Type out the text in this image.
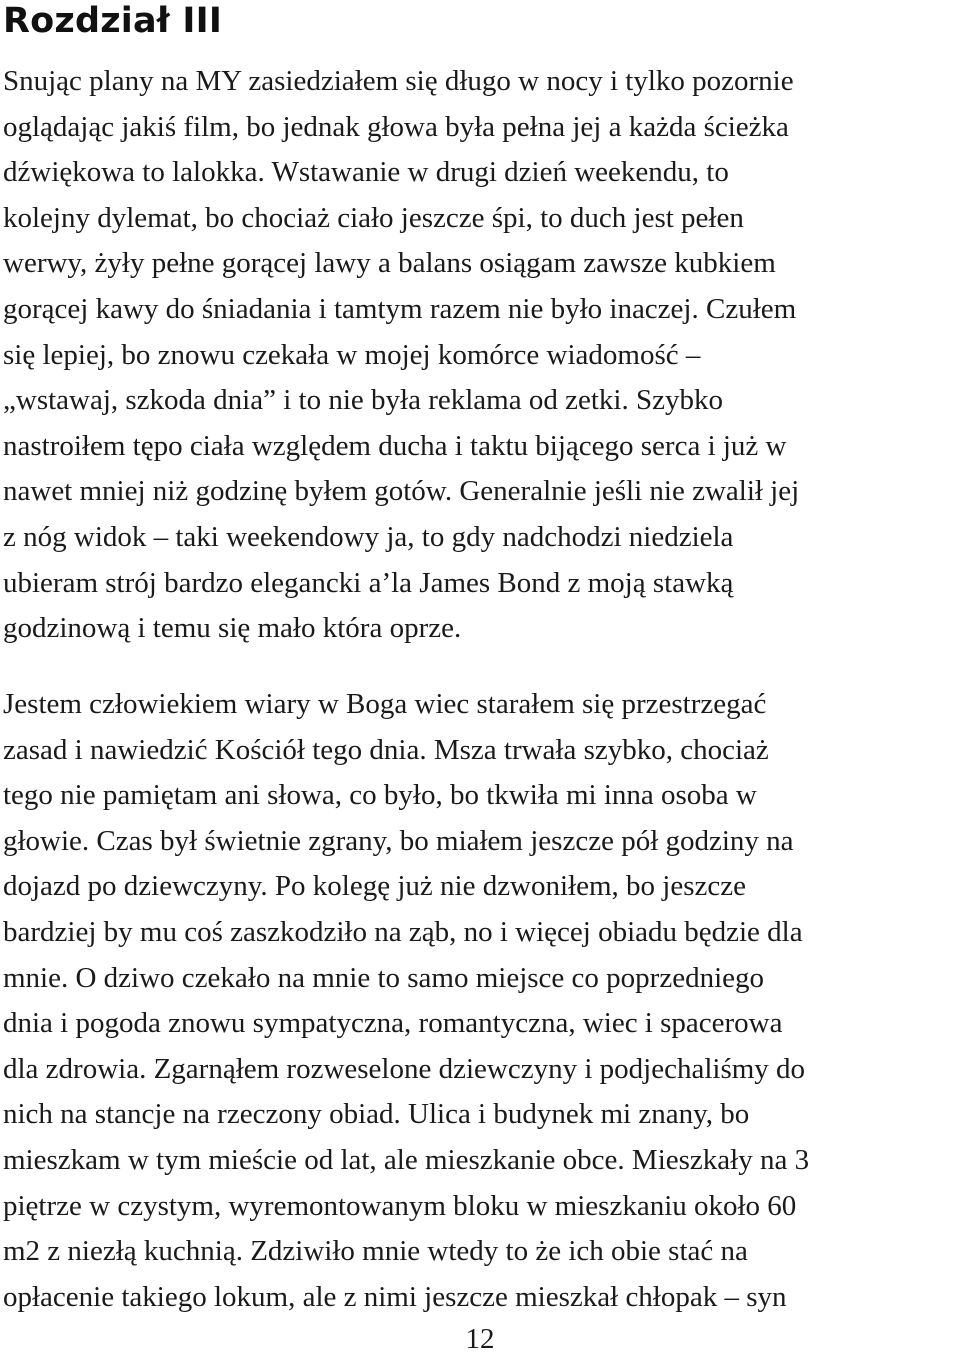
Rozdział III

Snując plany na MY zasiedziałem się długo w nocy i tylko pozornie
oglądając jakiś film, bo jednak głowa była pełna jej a każda ścieżka
dźwiękowa to lalokka. Wstawanie w drugi dzień weekendu, to
kolejny dylemat, bo chociaż ciało jeszcze śpi, to duch jest pełen
werwy, żyły pełne gorącej lawy a balans osiągam zawsze kubkiem
gorącej kawy do śniadania i tamtym razem nie było inaczej. Czułem
się lepiej, bo znowu czekała w mojej komórce wiadomość –
„wstawaj, szkoda dnia” i to nie była reklama od zetki. Szybko
nastroiłem tępo ciała względem ducha i taktu bijącego serca i już w
nawet mniej niż godzinę byłem gotów. Generalnie jeśli nie zwalił jej
z nóg widok – taki weekendowy ja, to gdy nadchodzi niedziela
ubieram strój bardzo elegancki a’la James Bond z moją stawką
godzinową i temu się mało która oprze.

Jestem człowiekiem wiary w Boga wiec starałem się przestrzegać
zasad i nawiedzić Kościół tego dnia. Msza trwała szybko, chociaż
tego nie pamiętam ani słowa, co było, bo tkwiła mi inna osoba w
głowie. Czas był świetnie zgrany, bo miałem jeszcze pół godziny na
dojazd po dziewczyny. Po kolegę już nie dzwoniłem, bo jeszcze
bardziej by mu coś zaszkodziło na ząb, no i więcej obiadu będzie dla
mnie. O dziwo czekało na mnie to samo miejsce co poprzedniego
dnia i pogoda znowu sympatyczna, romantyczna, wiec i spacerowa
dla zdrowia. Zgarnąłem rozweselone dziewczyny i podjechaliśmy do
nich na stancje na rzeczony obiad. Ulica i budynek mi znany, bo
mieszkam w tym mieście od lat, ale mieszkanie obce. Mieszkały na 3
piętrze w czystym, wyremontowanym bloku w mieszkaniu około 60
m2 z niezłą kuchnią. Zdziwiło mnie wtedy to że ich obie stać na
opłacenie takiego lokum, ale z nimi jeszcze mieszkał chłopak – syn

12
